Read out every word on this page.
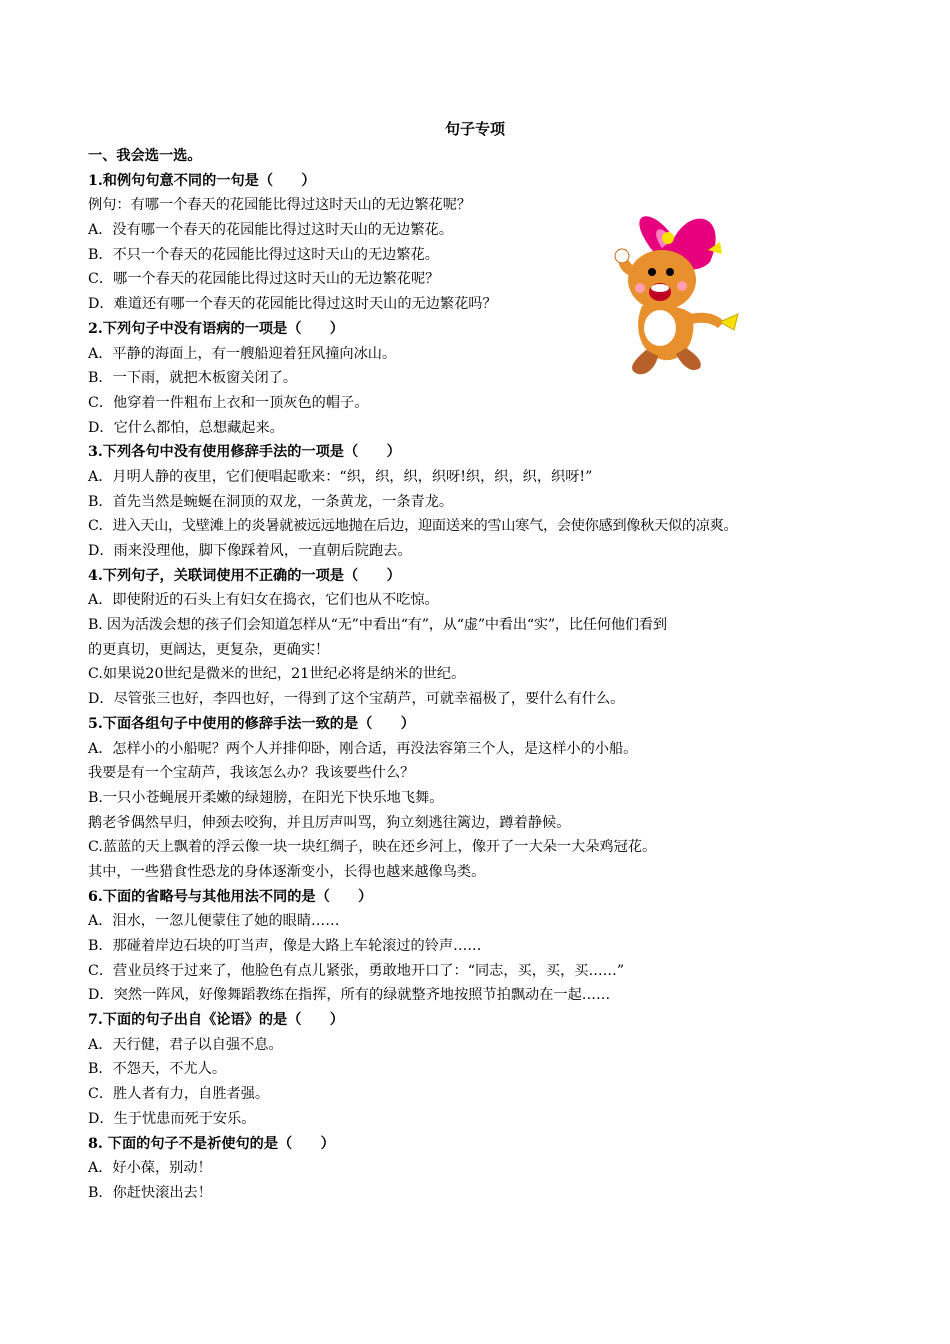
句子专项
一、我会选一选。
1.和例句句意不同的一句是（　　）
例句：有哪一个春天的花园能比得过这时天山的无边繁花呢？
A．没有哪一个春天的花园能比得过这时天山的无边繁花。
B．不只一个春天的花园能比得过这时天山的无边繁花。
C．哪一个春天的花园能比得过这时天山的无边繁花呢？
D．难道还有哪一个春天的花园能比得过这时天山的无边繁花吗？
2.下列句子中没有语病的一项是（　　）
A．平静的海面上，有一艘船迎着狂风撞向冰山。
B．一下雨，就把木板窗关闭了。
C．他穿着一件粗布上衣和一顶灰色的帽子。
D．它什么都怕，总想藏起来。
3.下列各句中没有使用修辞手法的一项是（　　）
A．月明人静的夜里，它们便唱起歌来：“织，织，织，织呀!织，织，织，织呀!”
B．首先当然是蜿蜒在洞顶的双龙，一条黄龙，一条青龙。
C．进入天山，戈壁滩上的炎暑就被远远地抛在后边，迎面送来的雪山寒气，会使你感到像秋天似的凉爽。
D．雨来没理他，脚下像踩着风，一直朝后院跑去。
4.下列句子，关联词使用不正确的一项是（　　）
A．即使附近的石头上有妇女在捣衣，它们也从不吃惊。
B. 因为活泼会想的孩子们会知道怎样从“无”中看出“有”，从“虚”中看出“实”，比任何他们看到
的更真切，更阔达，更复杂，更确实！
C.如果说20世纪是微米的世纪，21世纪必将是纳米的世纪。
D．尽管张三也好，李四也好，一得到了这个宝葫芦，可就幸福极了，要什么有什么。
5.下面各组句子中使用的修辞手法一致的是（　　）
A．怎样小的小船呢？两个人并排仰卧，刚合适，再没法容第三个人，是这样小的小船。
我要是有一个宝葫芦，我该怎么办？我该要些什么？
B.一只小苍蝇展开柔嫩的绿翅膀，在阳光下快乐地飞舞。
鹅老爷偶然早归，伸颈去咬狗，并且厉声叫骂，狗立刻逃往篱边，蹲着静候。
C.蓝蓝的天上飘着的浮云像一块一块红绸子，映在还乡河上，像开了一大朵一大朵鸡冠花。
其中，一些猎食性恐龙的身体逐渐变小，长得也越来越像鸟类。
6.下面的省略号与其他用法不同的是（　　）
A．泪水，一忽儿便蒙住了她的眼睛……
B．那碰着岸边石块的叮当声，像是大路上车轮滚过的铃声……
C．营业员终于过来了，他脸色有点儿紧张，勇敢地开口了：“同志，买，买，买……”
D．突然一阵风，好像舞蹈教练在指挥，所有的绿就整齐地按照节拍飘动在一起……
7.下面的句子出自《论语》的是（　　）
A．天行健，君子以自强不息。
B．不怨天，不尤人。
C．胜人者有力，自胜者强。
D．生于忧患而死于安乐。
8. 下面的句子不是祈使句的是（　　）
A．好小葆，别动！
B．你赶快滚出去！
